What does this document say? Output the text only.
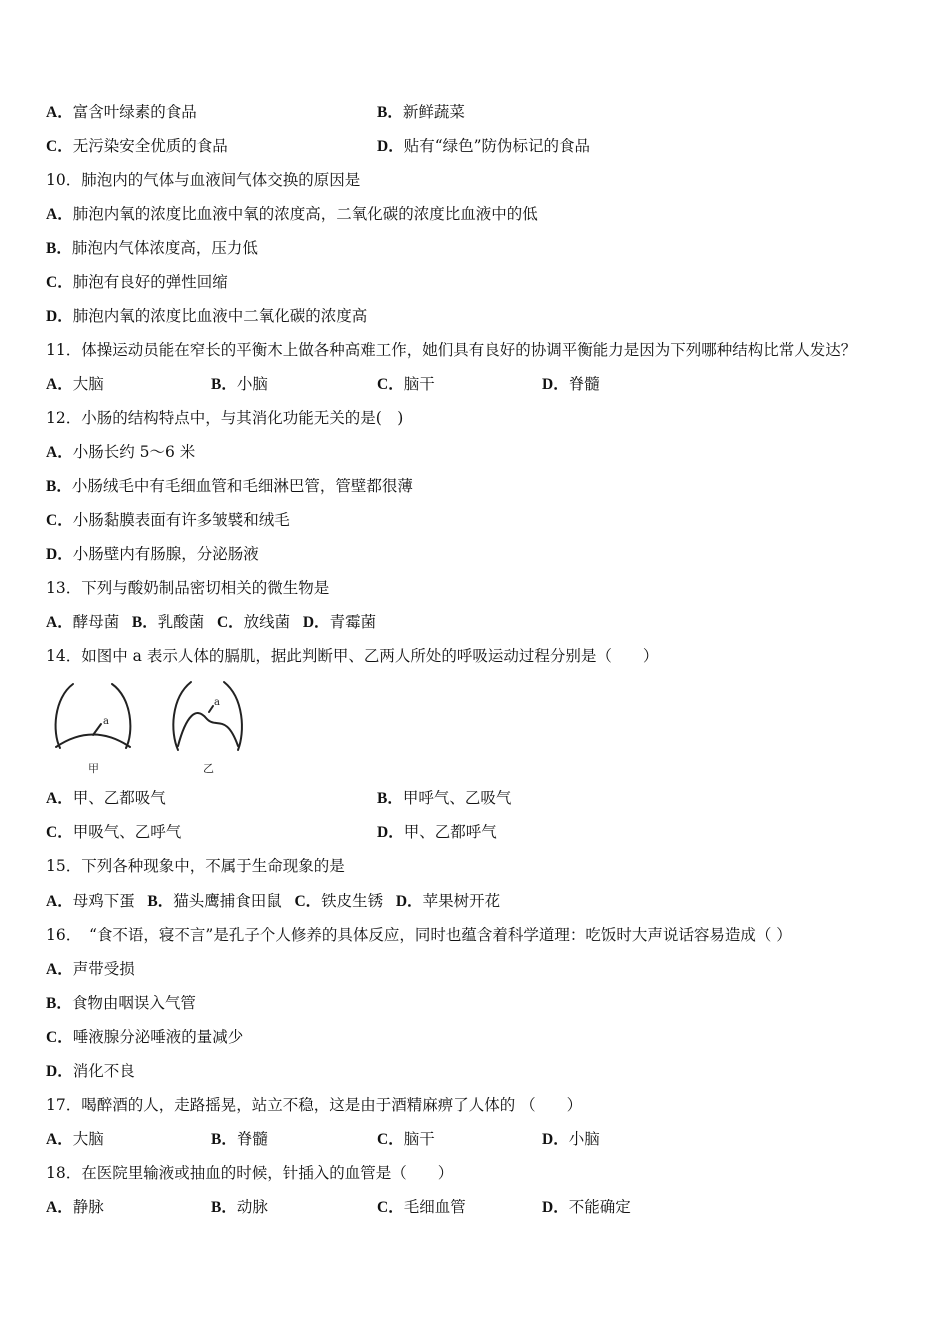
A．富含叶绿素的食品	B．新鲜蔬菜
C．无污染安全优质的食品	D．贴有“绿色”防伪标记的食品
10．肺泡内的气体与血液间气体交换的原因是
A．肺泡内氧的浓度比血液中氧的浓度高，二氧化碳的浓度比血液中的低
B．肺泡内气体浓度高，压力低
C．肺泡有良好的弹性回缩
D．肺泡内氧的浓度比血液中二氧化碳的浓度高
11．体操运动员能在窄长的平衡木上做各种高难工作，她们具有良好的协调平衡能力是因为下列哪种结构比常人发达？
A．大脑	B．小脑	C．脑干	D．脊髓
12．小肠的结构特点中，与其消化功能无关的是(　)
A．小肠长约 5～6 米
B．小肠绒毛中有毛细血管和毛细淋巴管，管壁都很薄
C．小肠黏膜表面有许多皱襞和绒毛
D．小肠壁内有肠腺，分泌肠液
13．下列与酸奶制品密切相关的微生物是
A．酵母菌  B．乳酸菌  C．放线菌  D．青霉菌
14．如图中 a 表示人体的膈肌，据此判断甲、乙两人所处的呼吸运动过程分别是（　　）
a
a
甲	乙
A．甲、乙都吸气	B．甲呼气、乙吸气
C．甲吸气、乙呼气	D．甲、乙都呼气
15．下列各种现象中，不属于生命现象的是
A．母鸡下蛋  B．猫头鹰捕食田鼠  C．铁皮生锈  D．苹果树开花
16．　“食不语，寝不言”是孔子个人修养的具体反应，同时也蕴含着科学道理：吃饭时大声说话容易造成（ ）
A．声带受损
B．食物由咽误入气管
C．唾液腺分泌唾液的量减少
D．消化不良
17．喝醉酒的人，走路摇晃，站立不稳，这是由于酒精麻痹了人体的 （　　）
A．大脑	B．脊髓	C．脑干	D．小脑
18．在医院里输液或抽血的时候，针插入的血管是（　　）
A．静脉	B．动脉	C．毛细血管	D．不能确定
